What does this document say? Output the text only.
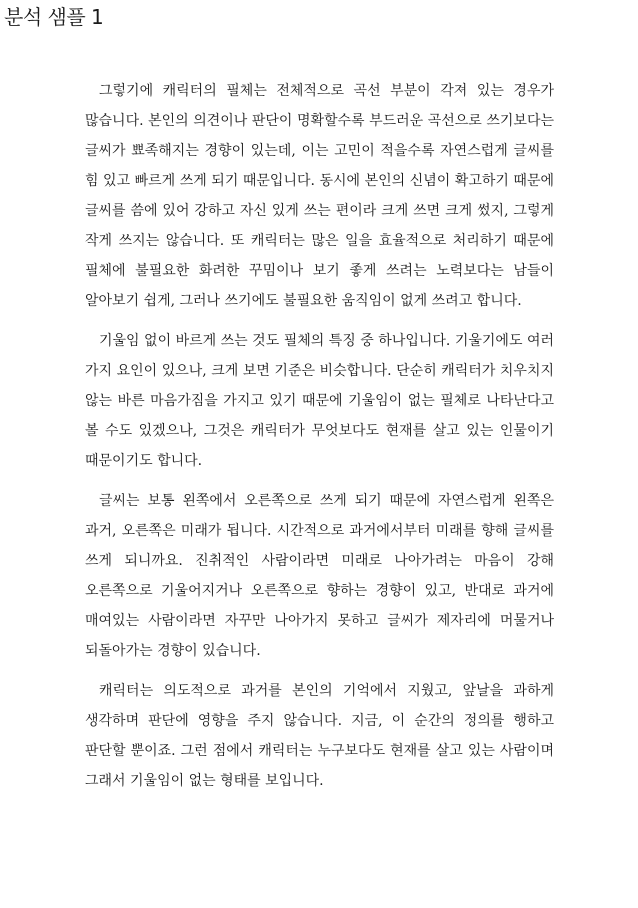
분석 샘플 1

그렇기에 캐릭터의 필체는 전체적으로 곡선 부분이 각져 있는 경우가 많습니다. 본인의 의견이나 판단이 명확할수록 부드러운 곡선으로 쓰기보다는 글씨가 뾰족해지는 경향이 있는데, 이는 고민이 적을수록 자연스럽게 글씨를 힘 있고 빠르게 쓰게 되기 때문입니다. 동시에 본인의 신념이 확고하기 때문에 글씨를 씀에 있어 강하고 자신 있게 쓰는 편이라 크게 쓰면 크게 썼지, 그렇게 작게 쓰지는 않습니다. 또 캐릭터는 많은 일을 효율적으로 처리하기 때문에 필체에 불필요한 화려한 꾸밈이나 보기 좋게 쓰려는 노력보다는 남들이 알아보기 쉽게, 그러나 쓰기에도 불필요한 움직임이 없게 쓰려고 합니다.

기울임 없이 바르게 쓰는 것도 필체의 특징 중 하나입니다. 기울기에도 여러 가지 요인이 있으나, 크게 보면 기준은 비슷합니다. 단순히 캐릭터가 치우치지 않는 바른 마음가짐을 가지고 있기 때문에 기울임이 없는 필체로 나타난다고 볼 수도 있겠으나, 그것은 캐릭터가 무엇보다도 현재를 살고 있는 인물이기 때문이기도 합니다.

글씨는 보통 왼쪽에서 오른쪽으로 쓰게 되기 때문에 자연스럽게 왼쪽은 과거, 오른쪽은 미래가 됩니다. 시간적으로 과거에서부터 미래를 향해 글씨를 쓰게 되니까요. 진취적인 사람이라면 미래로 나아가려는 마음이 강해 오른쪽으로 기울어지거나 오른쪽으로 향하는 경향이 있고, 반대로 과거에 매여있는 사람이라면 자꾸만 나아가지 못하고 글씨가 제자리에 머물거나 되돌아가는 경향이 있습니다.

캐릭터는 의도적으로 과거를 본인의 기억에서 지웠고, 앞날을 과하게 생각하며 판단에 영향을 주지 않습니다. 지금, 이 순간의 정의를 행하고 판단할 뿐이죠. 그런 점에서 캐릭터는 누구보다도 현재를 살고 있는 사람이며 그래서 기울임이 없는 형태를 보입니다.
